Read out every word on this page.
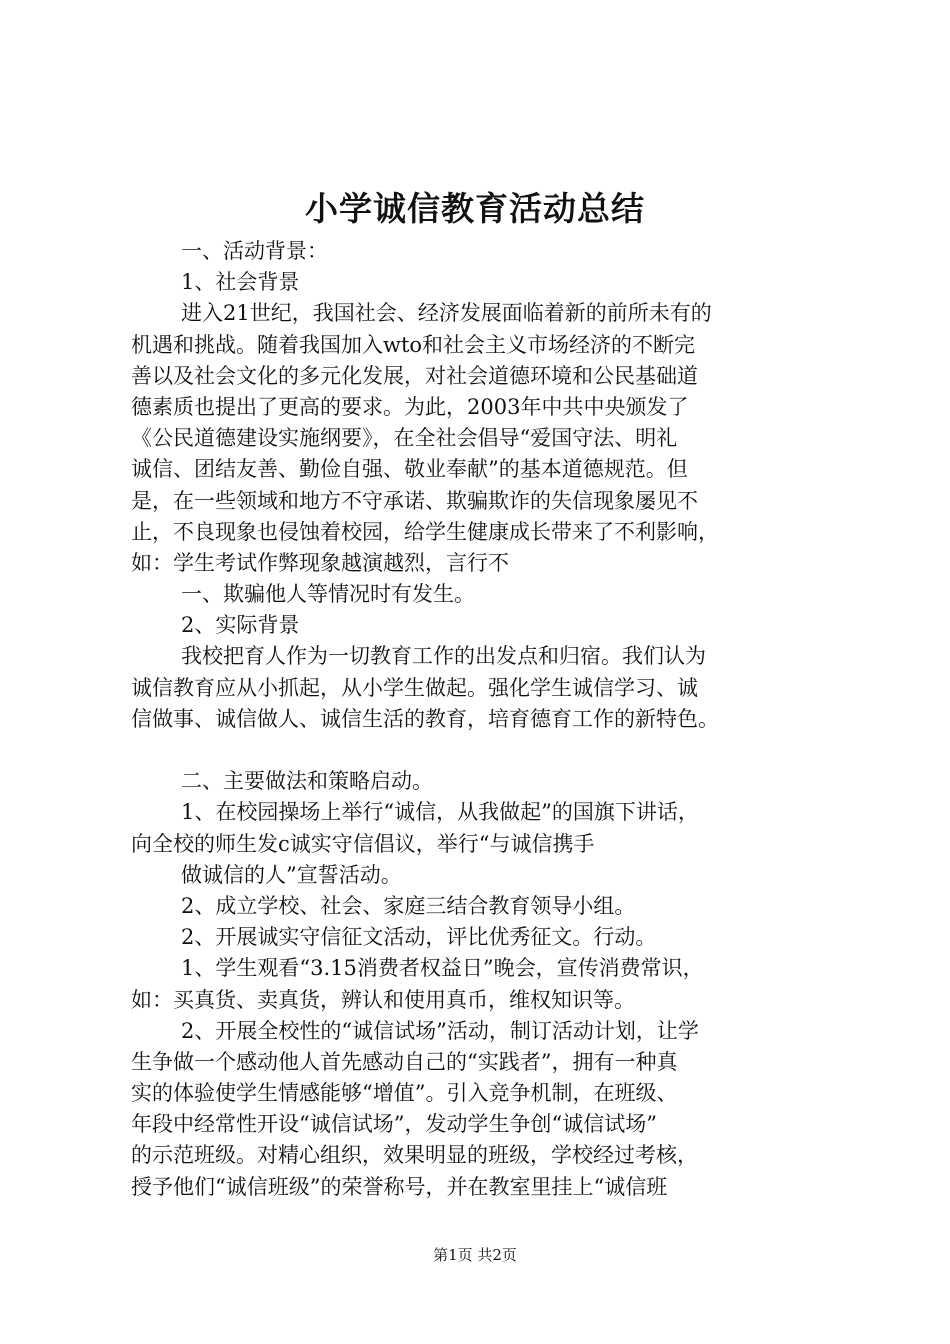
小学诚信教育活动总结
一、活动背景：
1、社会背景
进入21世纪，我国社会、经济发展面临着新的前所未有的
机遇和挑战。随着我国加入wto和社会主义市场经济的不断完
善以及社会文化的多元化发展，对社会道德环境和公民基础道
德素质也提出了更高的要求。为此，2003年中共中央颁发了
《公民道德建设实施纲要》，在全社会倡导“爱国守法、明礼
诚信、团结友善、勤俭自强、敬业奉献”的基本道德规范。但
是，在一些领域和地方不守承诺、欺骗欺诈的失信现象屡见不
止，不良现象也侵蚀着校园，给学生健康成长带来了不利影响，
如：学生考试作弊现象越演越烈，言行不
一、欺骗他人等情况时有发生。
2、实际背景
我校把育人作为一切教育工作的出发点和归宿。我们认为
诚信教育应从小抓起，从小学生做起。强化学生诚信学习、诚
信做事、诚信做人、诚信生活的教育，培育德育工作的新特色。
二、主要做法和策略启动。
1、在校园操场上举行“诚信，从我做起”的国旗下讲话，
向全校的师生发c诚实守信倡议，举行“与诚信携手
做诚信的人”宣誓活动。
2、成立学校、社会、家庭三结合教育领导小组。
2、开展诚实守信征文活动，评比优秀征文。行动。
1、学生观看“3.15消费者权益日”晚会，宣传消费常识，
如：买真货、卖真货，辨认和使用真币，维权知识等。
2、开展全校性的“诚信试场”活动，制订活动计划，让学
生争做一个感动他人首先感动自己的“实践者”，拥有一种真
实的体验使学生情感能够“增值”。引入竞争机制，在班级、
年段中经常性开设“诚信试场”，发动学生争创“诚信试场”
的示范班级。对精心组织，效果明显的班级，学校经过考核，
授予他们“诚信班级”的荣誉称号，并在教室里挂上“诚信班
第1页 共2页
